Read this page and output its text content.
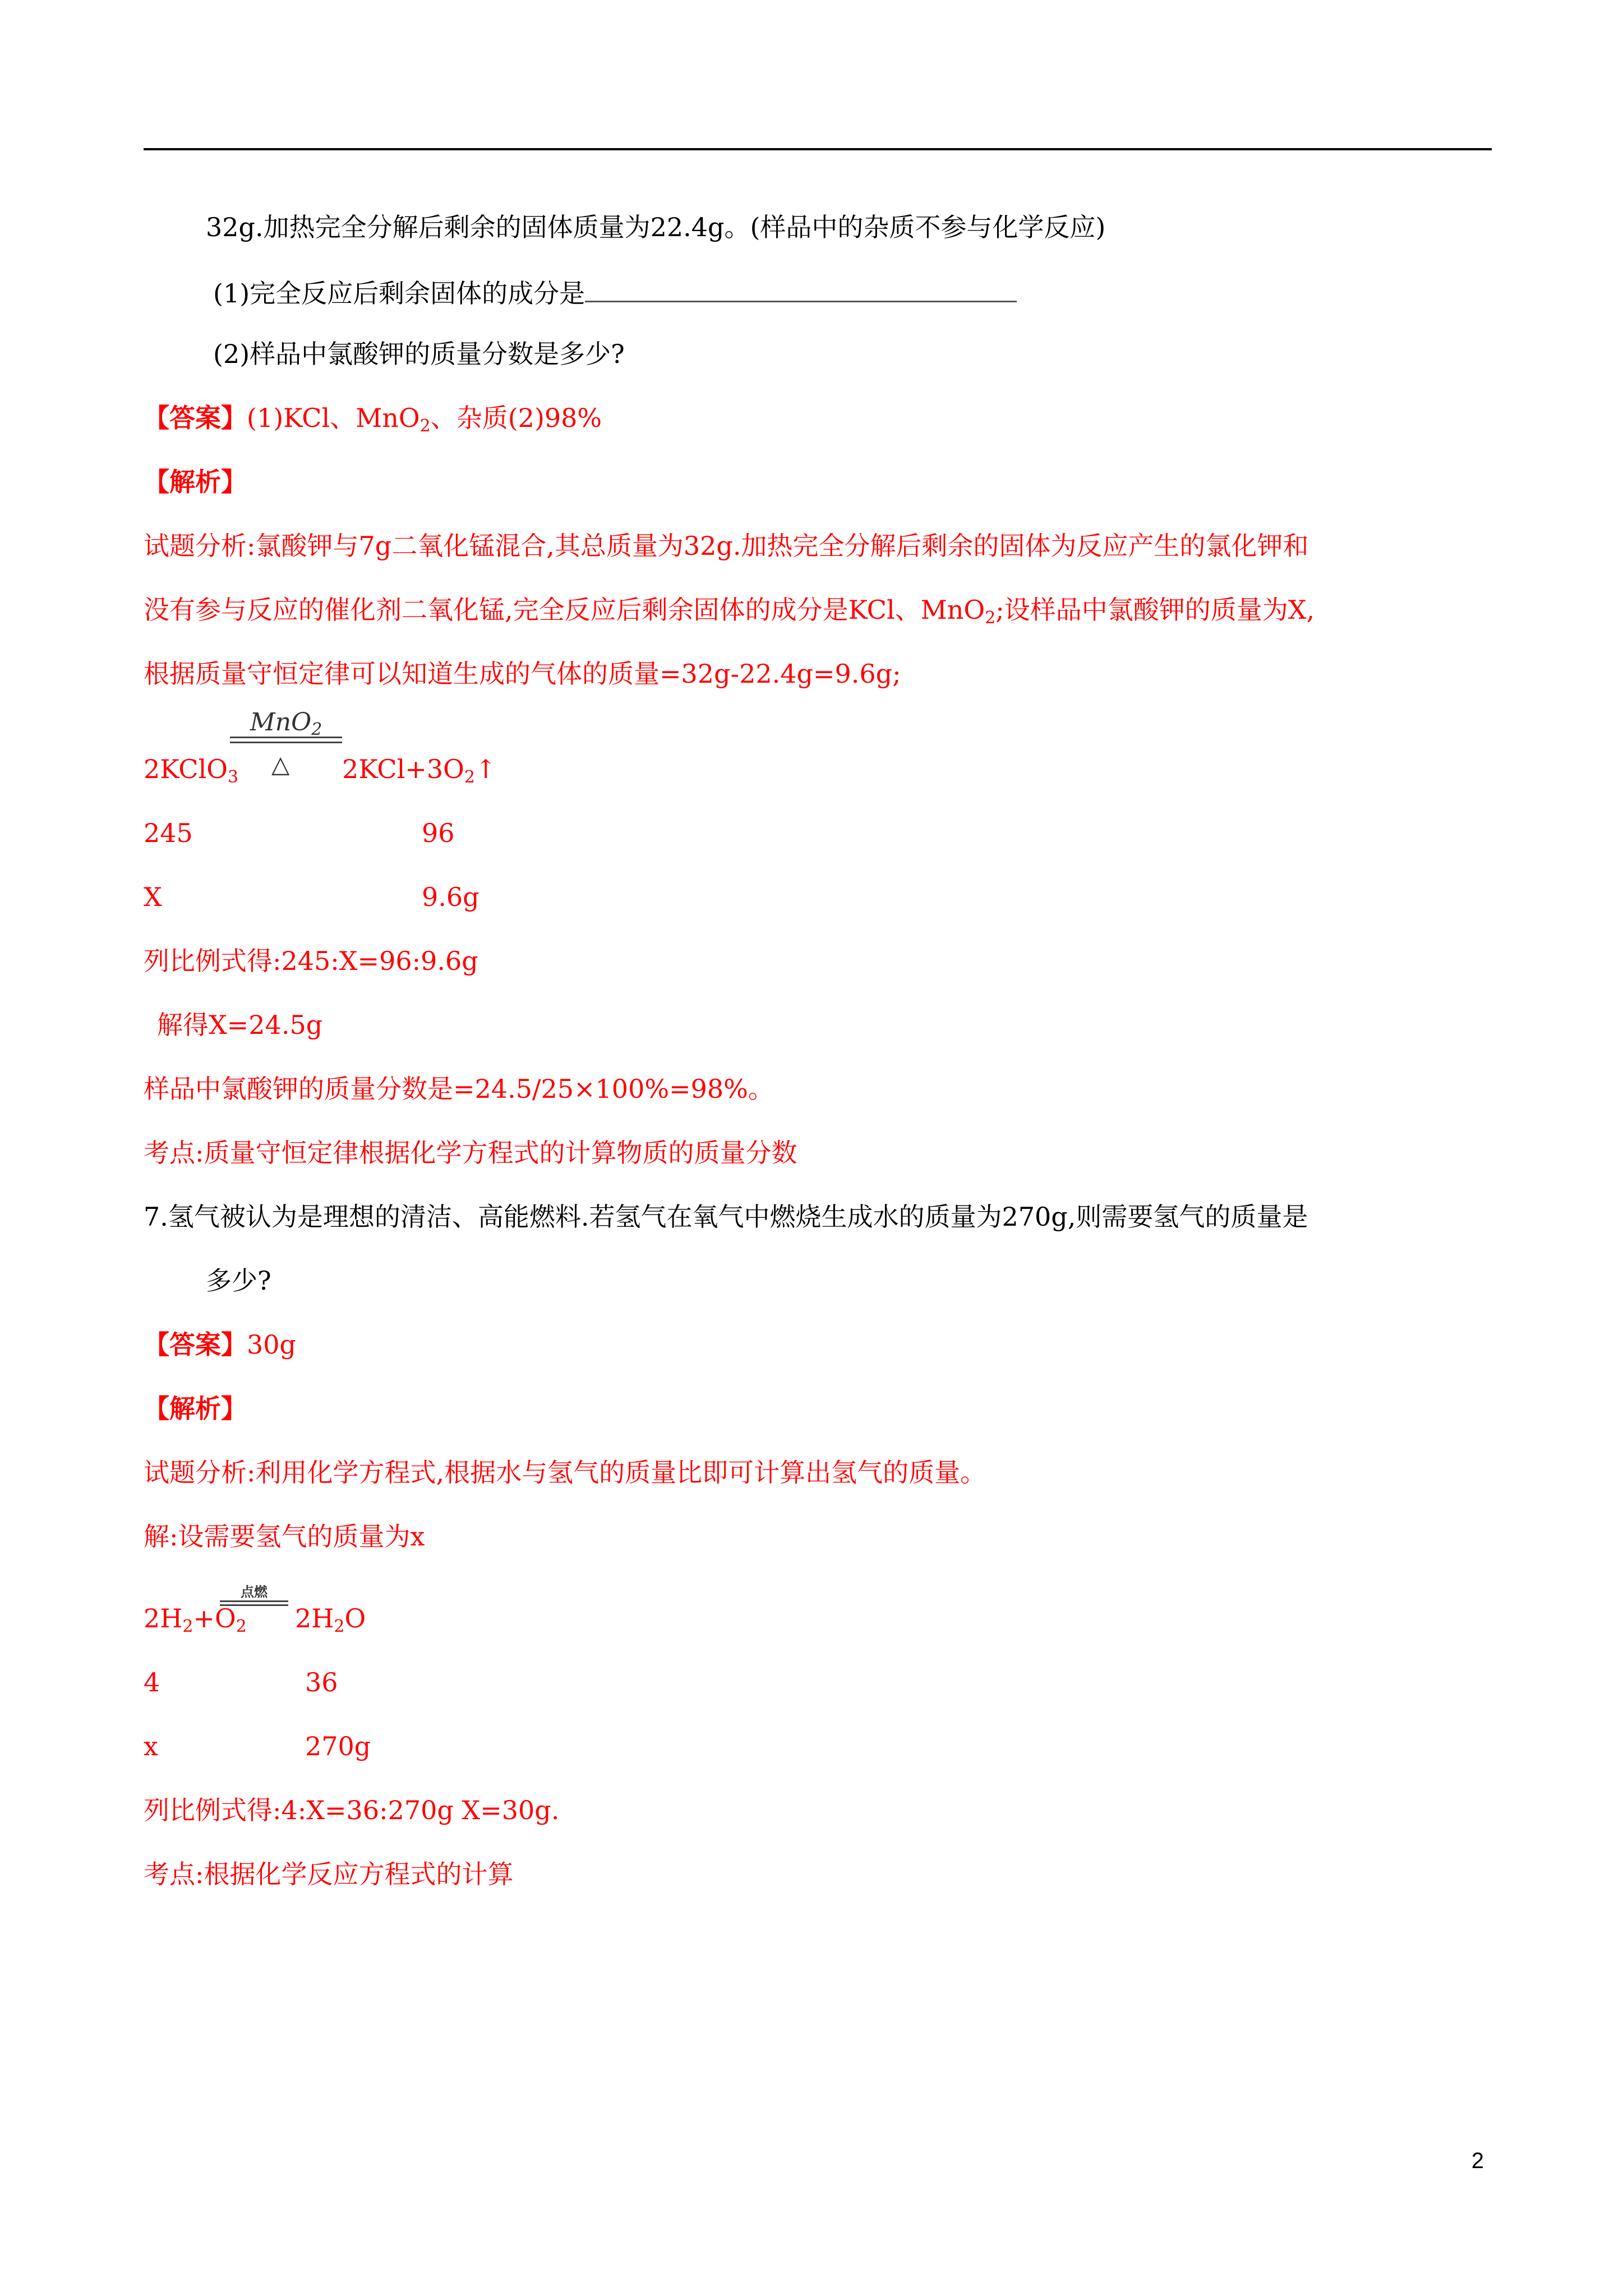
32g.加热完全分解后剩余的固体质量为22.4g。(样品中的杂质不参与化学反应)
(1)完全反应后剩余固体的成分是
(2)样品中氯酸钾的质量分数是多少?
【答案】(1)KCl、MnO$_2$、杂质(2)98%
【解析】
试题分析:氯酸钾与7g二氧化锰混合,其总质量为32g.加热完全分解后剩余的固体为反应产生的氯化钾和
没有参与反应的催化剂二氧化锰,完全反应后剩余固体的成分是KCl、MnO$_2$;设样品中氯酸钾的质量为X,
根据质量守恒定律可以知道生成的气体的质量=32g-22.4g=9.6g;
MnO$_2$
△
2KClO$_3$	$2KCl+3O_2↑$
245	96
X	9.6g
列比例式得:245:X=96:9.6g
解得X=24.5g
样品中氯酸钾的质量分数是=24.5/25×100%=98%。
考点:质量守恒定律根据化学方程式的计算物质的质量分数
7.氢气被认为是理想的清洁、高能燃料.若氢气在氧气中燃烧生成水的质量为270g,则需要氢气的质量是
多少?
【答案】30g
【解析】
试题分析:利用化学方程式,根据水与氢气的质量比即可计算出氢气的质量。
解:设需要氢气的质量为x
点燃
$2H_2+O_2$ $2H_2O$
4	36
x	270g
列比例式得:4:X=36:270g X=30g.
考点:根据化学反应方程式的计算
2
